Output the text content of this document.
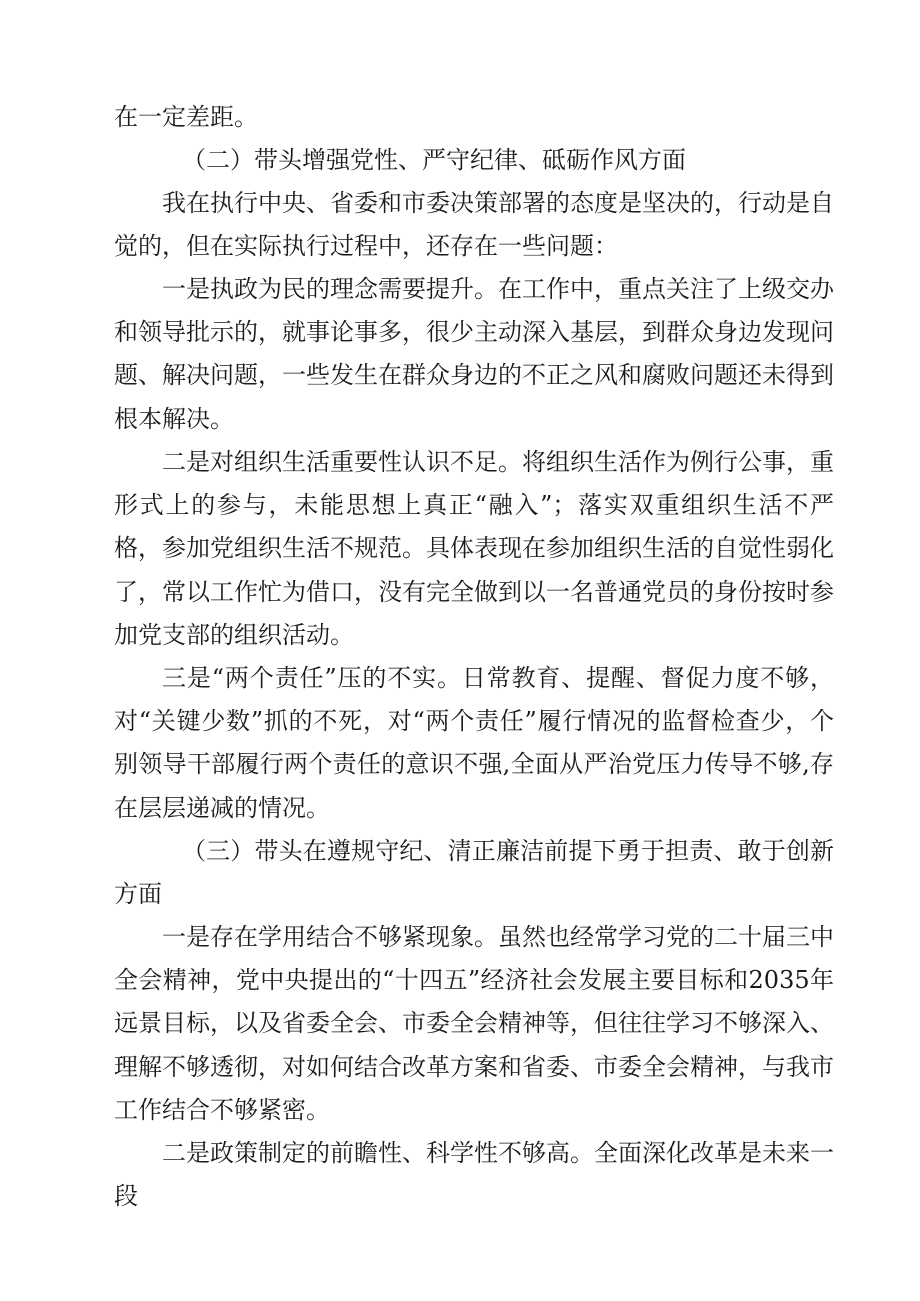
在一定差距。

（二）带头增强党性、严守纪律、砥砺作风方面

我在执行中央、省委和市委决策部署的态度是坚决的，行动是自觉的，但在实际执行过程中，还存在一些问题：

一是执政为民的理念需要提升。在工作中，重点关注了上级交办和领导批示的，就事论事多，很少主动深入基层，到群众身边发现问题、解决问题，一些发生在群众身边的不正之风和腐败问题还未得到根本解决。

二是对组织生活重要性认识不足。将组织生活作为例行公事，重形式上的参与，未能思想上真正“融入”；落实双重组织生活不严格，参加党组织生活不规范。具体表现在参加组织生活的自觉性弱化了，常以工作忙为借口，没有完全做到以一名普通党员的身份按时参加党支部的组织活动。

三是“两个责任”压的不实。日常教育、提醒、督促力度不够，对“关键少数”抓的不死，对“两个责任”履行情况的监督检查少，个别领导干部履行两个责任的意识不强,全面从严治党压力传导不够,存在层层递减的情况。

（三）带头在遵规守纪、清正廉洁前提下勇于担责、敢于创新方面

一是存在学用结合不够紧现象。虽然也经常学习党的二十届三中全会精神，党中央提出的“十四五”经济社会发展主要目标和2035年远景目标，以及省委全会、市委全会精神等，但往往学习不够深入、理解不够透彻，对如何结合改革方案和省委、市委全会精神，与我市工作结合不够紧密。

二是政策制定的前瞻性、科学性不够高。全面深化改革是未来一段
